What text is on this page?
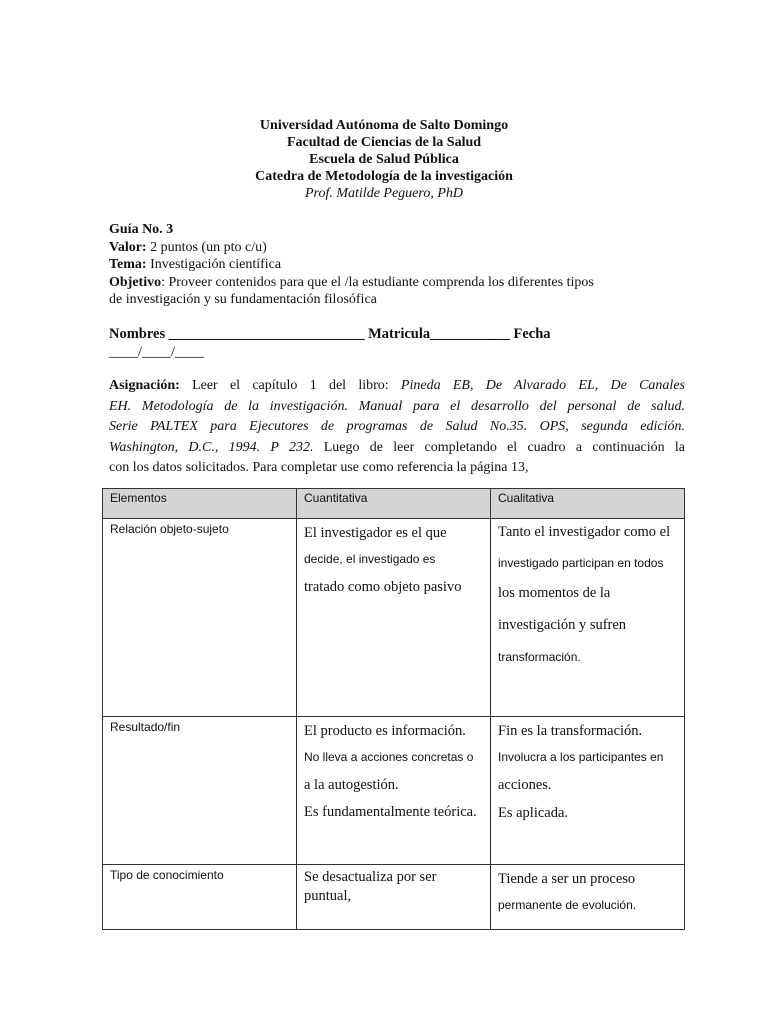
Universidad Autónoma de Salto Domingo
Facultad de Ciencias de la Salud
Escuela de Salud Pública
Catedra de Metodología de la investigación
Prof. Matilde Peguero, PhD
Guía No. 3
Valor: 2 puntos (un pto c/u)
Tema: Investigación científica
Objetivo: Proveer contenidos para que el /la estudiante comprenda los diferentes tipos
de investigación y su fundamentación filosófica
Nombres ___________________________ Matricula___________ Fecha
____/____/____

Asignación: Leer el capítulo 1 del libro: Pineda EB, De Alvarado EL, De Canales

EH. Metodología de la investigación. Manual para el desarrollo del personal de salud.

Serie PALTEX para Ejecutores de programas de Salud No.35. OPS, segunda edición.

Washington, D.C., 1994. P 232. Luego de leer completando el cuadro a continuación la

con los datos solicitados. Para completar use como referencia la página 13,

Elementos	Cuantitativa	Cualitativa
Relación objeto-sujeto	El investigador es el que
decide, el investigado es
tratado como objeto pasivo	Tanto el investigador como el
investigado participan en todos
los momentos de la
investigación y sufren
transformación.

Resultado/fin	El producto es información.
No lleva a acciones concretas o
a la autogestión.
Es fundamentalmente teórica.	Fin es la transformación.
Involucra a los participantes en
acciones.
Es aplicada.

Tipo de conocimiento	Se desactualiza por ser puntual,	Tiende a ser un proceso
permanente de evolución.
